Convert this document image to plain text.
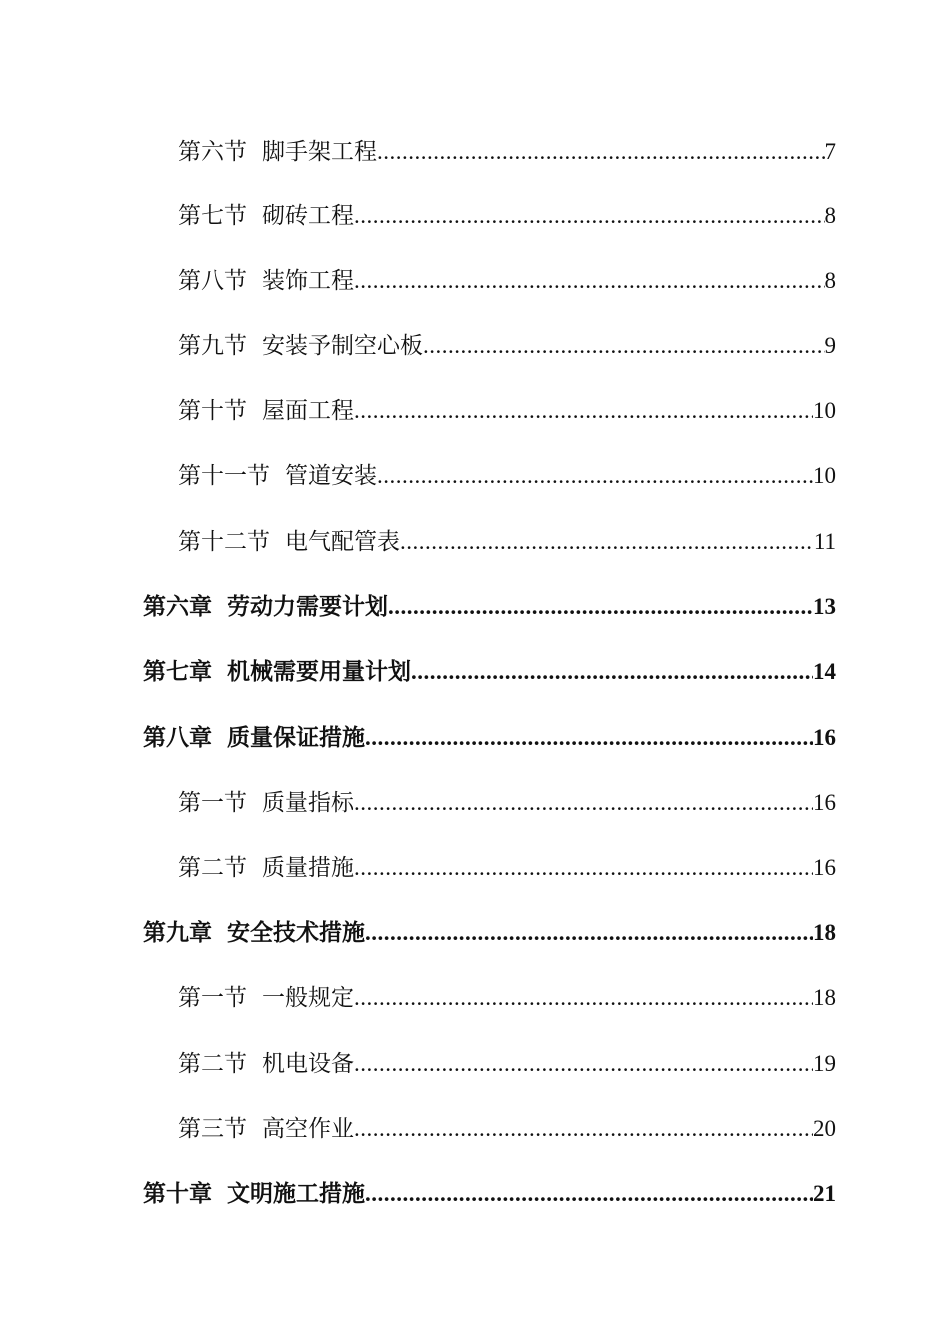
第六节 脚手架工程 .....	7
第七节 砌砖工程 .....	8
第八节 装饰工程 .....	8
第九节 安装予制空心板 .....	9
第十节 屋面工程 .....	10
第十一节 管道安装 .....	10
第十二节 电气配管表 .....	11
第六章 劳动力需要计划 .....	13
第七章 机械需要用量计划 .....	14
第八章 质量保证措施 .....	16
第一节 质量指标 .....	16
第二节 质量措施 .....	16
第九章 安全技术措施 .....	18
第一节 一般规定 .....	18
第二节 机电设备 .....	19
第三节 高空作业 .....	20
第十章 文明施工措施 .....	21
